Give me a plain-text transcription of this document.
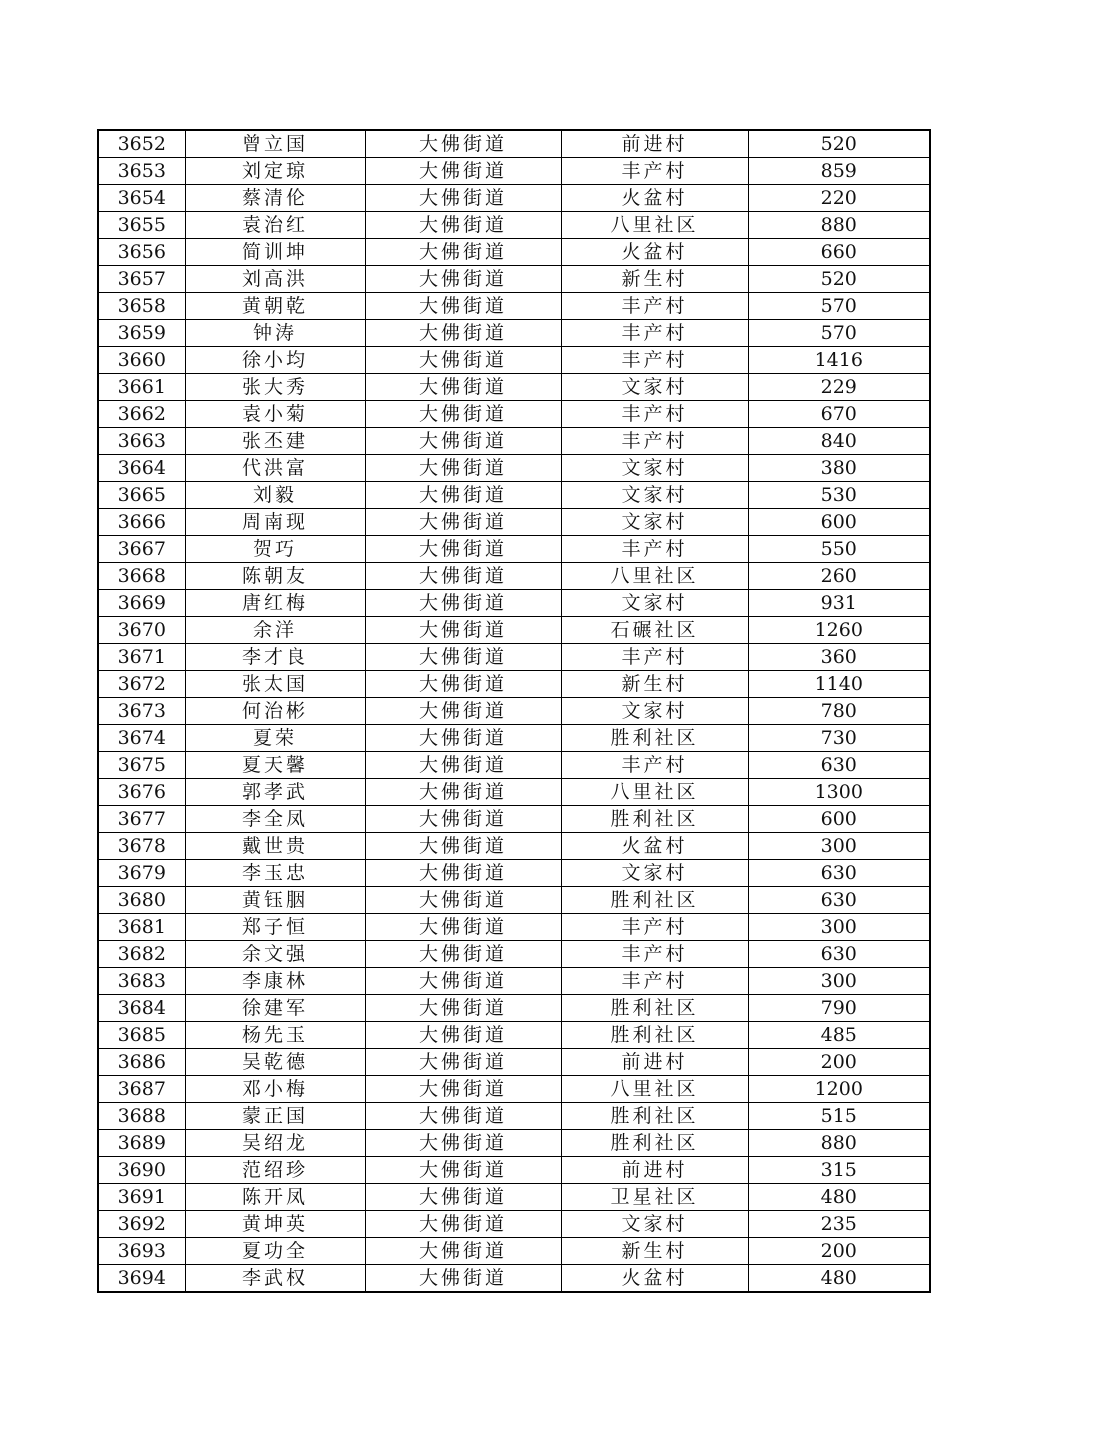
3652	曾立国	大佛街道	前进村	520
3653	刘定琼	大佛街道	丰产村	859
3654	蔡清伦	大佛街道	火盆村	220
3655	袁治红	大佛街道	八里社区	880
3656	简训坤	大佛街道	火盆村	660
3657	刘高洪	大佛街道	新生村	520
3658	黄朝乾	大佛街道	丰产村	570
3659	钟涛	大佛街道	丰产村	570
3660	徐小均	大佛街道	丰产村	1416
3661	张大秀	大佛街道	文家村	229
3662	袁小菊	大佛街道	丰产村	670
3663	张丕建	大佛街道	丰产村	840
3664	代洪富	大佛街道	文家村	380
3665	刘毅	大佛街道	文家村	530
3666	周南现	大佛街道	文家村	600
3667	贺巧	大佛街道	丰产村	550
3668	陈朝友	大佛街道	八里社区	260
3669	唐红梅	大佛街道	文家村	931
3670	余洋	大佛街道	石碾社区	1260
3671	李才良	大佛街道	丰产村	360
3672	张太国	大佛街道	新生村	1140
3673	何治彬	大佛街道	文家村	780
3674	夏荣	大佛街道	胜利社区	730
3675	夏天馨	大佛街道	丰产村	630
3676	郭孝武	大佛街道	八里社区	1300
3677	李全凤	大佛街道	胜利社区	600
3678	戴世贵	大佛街道	火盆村	300
3679	李玉忠	大佛街道	文家村	630
3680	黄钰胭	大佛街道	胜利社区	630
3681	郑子恒	大佛街道	丰产村	300
3682	余文强	大佛街道	丰产村	630
3683	李康林	大佛街道	丰产村	300
3684	徐建军	大佛街道	胜利社区	790
3685	杨先玉	大佛街道	胜利社区	485
3686	吴乾德	大佛街道	前进村	200
3687	邓小梅	大佛街道	八里社区	1200
3688	蒙正国	大佛街道	胜利社区	515
3689	吴绍龙	大佛街道	胜利社区	880
3690	范绍珍	大佛街道	前进村	315
3691	陈开凤	大佛街道	卫星社区	480
3692	黄坤英	大佛街道	文家村	235
3693	夏功全	大佛街道	新生村	200
3694	李武权	大佛街道	火盆村	480
